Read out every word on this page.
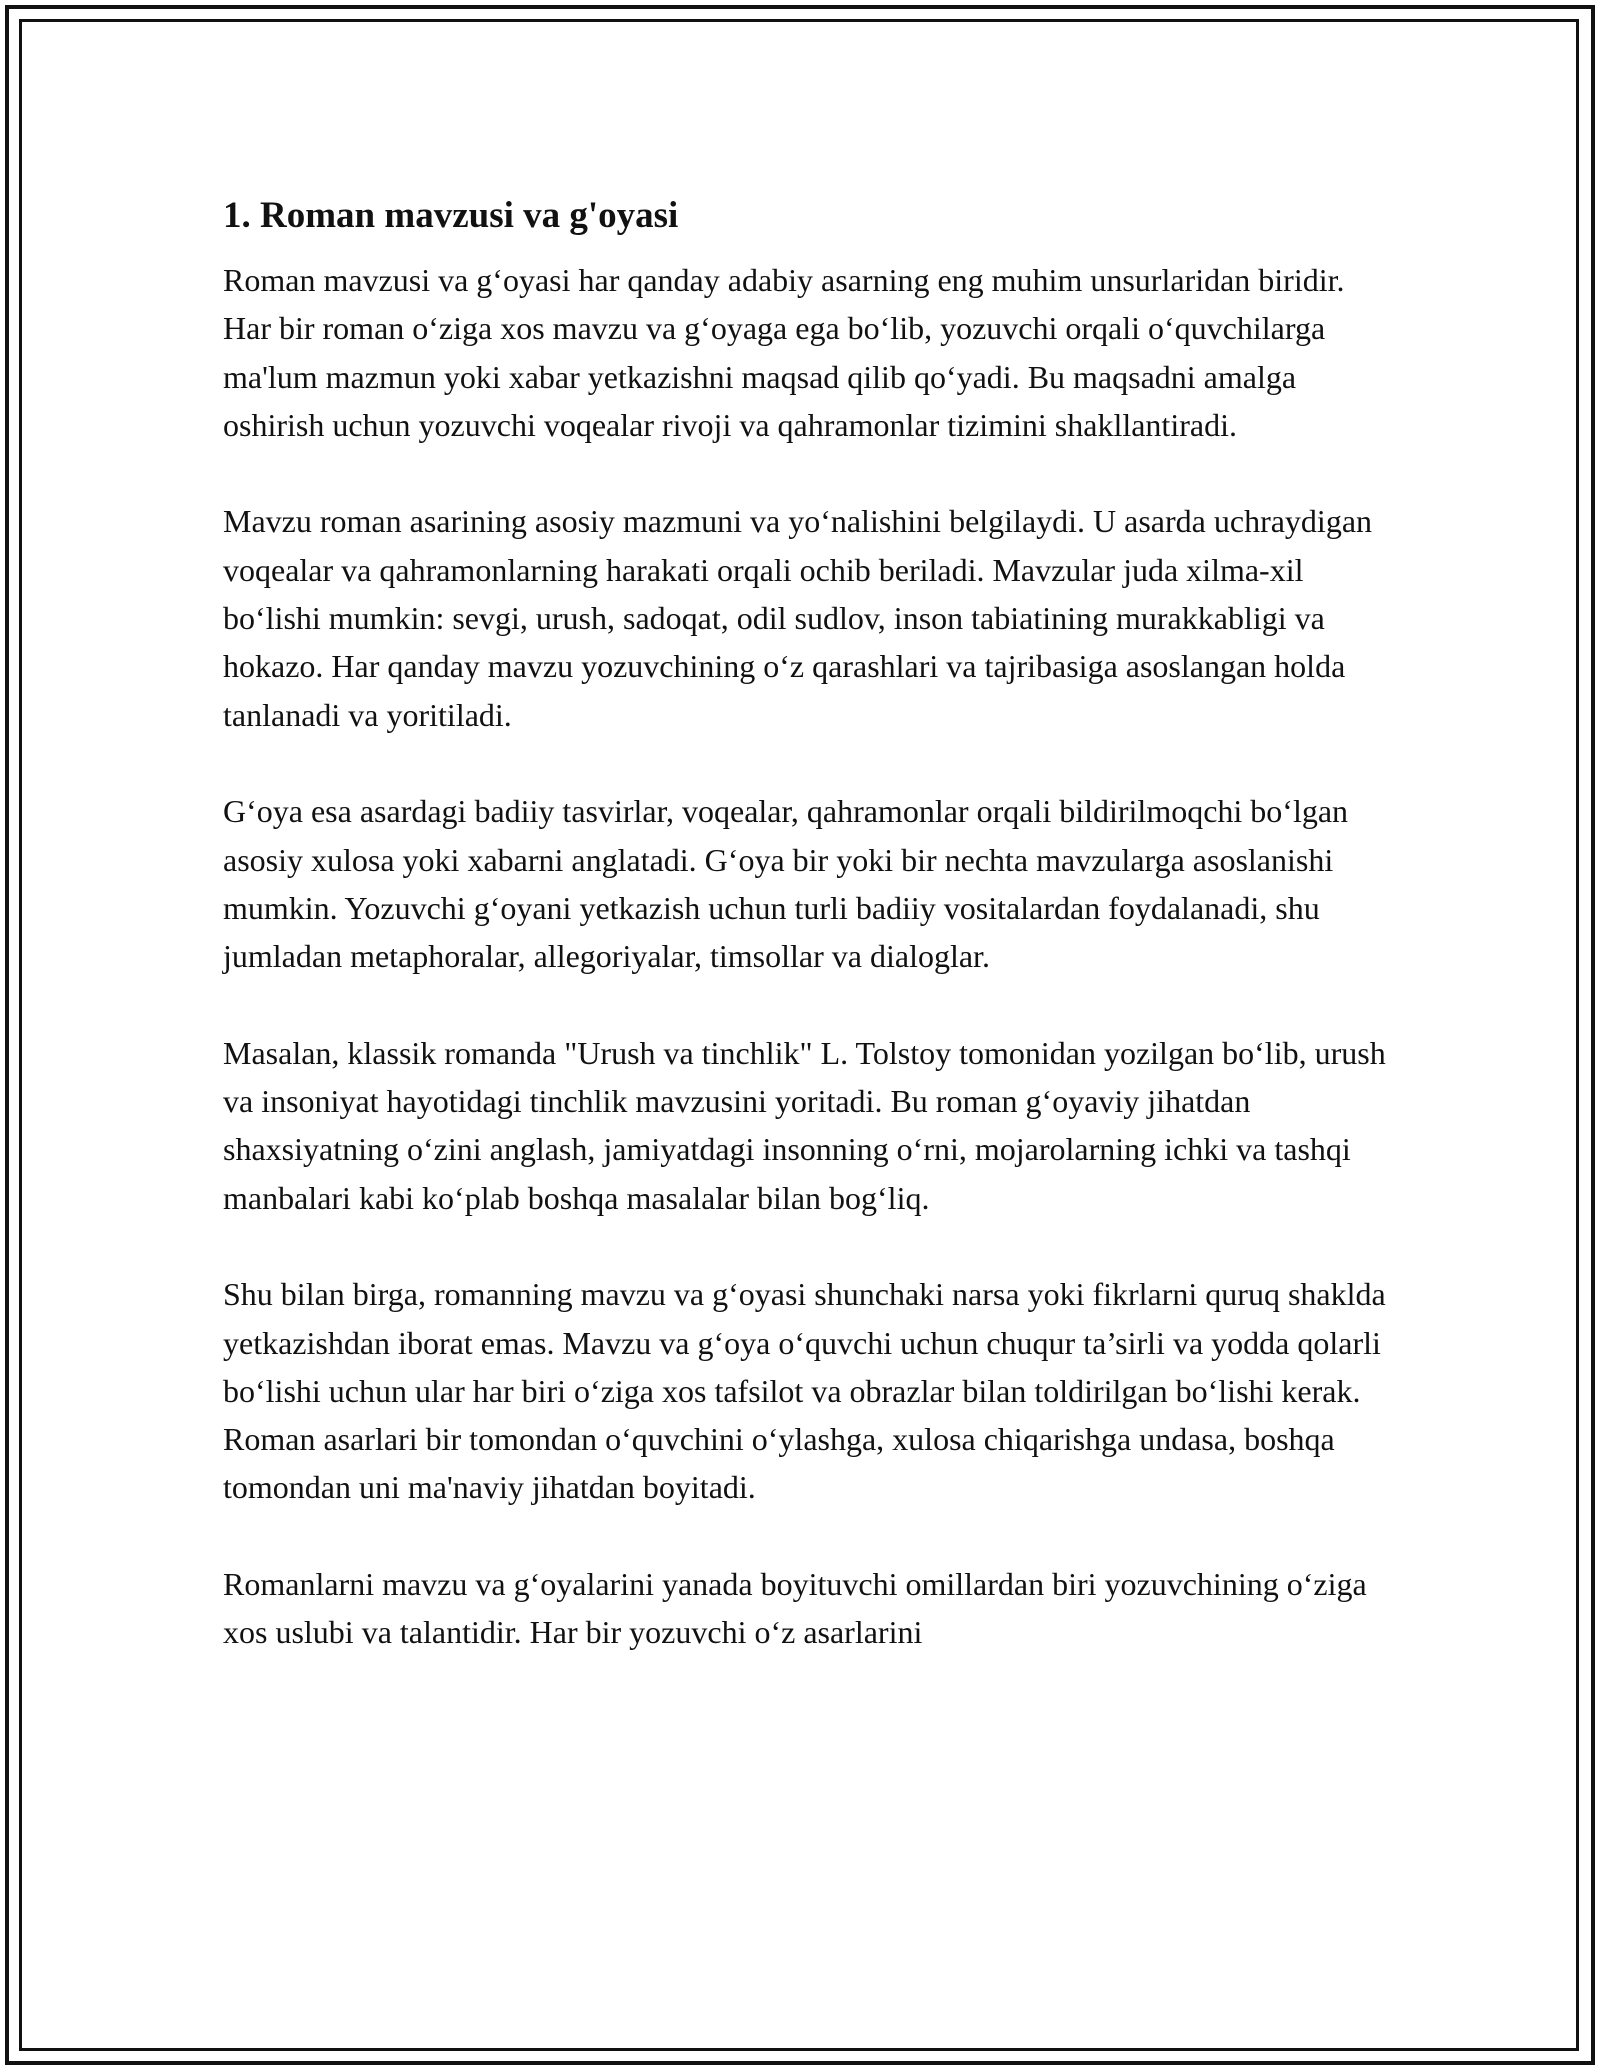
1. Roman mavzusi va g'oyasi

Roman mavzusi va g‘oyasi har qanday adabiy asarning eng muhim unsurlaridan biridir. Har bir roman o‘ziga xos mavzu va g‘oyaga ega bo‘lib, yozuvchi orqali o‘quvchilarga ma'lum mazmun yoki xabar yetkazishni maqsad qilib qo‘yadi. Bu maqsadni amalga oshirish uchun yozuvchi voqealar rivoji va qahramonlar tizimini shakllantiradi.

Mavzu roman asarining asosiy mazmuni va yo‘nalishini belgilaydi. U asarda uchraydigan voqealar va qahramonlarning harakati orqali ochib beriladi. Mavzular juda xilma-xil bo‘lishi mumkin: sevgi, urush, sadoqat, odil sudlov, inson tabiatining murakkabligi va hokazo. Har qanday mavzu yozuvchining o‘z qarashlari va tajribasiga asoslangan holda tanlanadi va yoritiladi.

G‘oya esa asardagi badiiy tasvirlar, voqealar, qahramonlar orqali bildirilmoqchi bo‘lgan asosiy xulosa yoki xabarni anglatadi. G‘oya bir yoki bir nechta mavzularga asoslanishi mumkin. Yozuvchi g‘oyani yetkazish uchun turli badiiy vositalardan foydalanadi, shu jumladan metaphoralar, allegoriyalar, timsollar va dialoglar.

Masalan, klassik romanda "Urush va tinchlik" L. Tolstoy tomonidan yozilgan bo‘lib, urush va insoniyat hayotidagi tinchlik mavzusini yoritadi. Bu roman g‘oyaviy jihatdan shaxsiyatning o‘zini anglash, jamiyatdagi insonning o‘rni, mojarolarning ichki va tashqi manbalari kabi ko‘plab boshqa masalalar bilan bog‘liq.

Shu bilan birga, romanning mavzu va g‘oyasi shunchaki narsa yoki fikrlarni quruq shaklda yetkazishdan iborat emas. Mavzu va g‘oya o‘quvchi uchun chuqur ta’sirli va yodda qolarli bo‘lishi uchun ular har biri o‘ziga xos tafsilot va obrazlar bilan toldirilgan bo‘lishi kerak. Roman asarlari bir tomondan o‘quvchini o‘ylashga, xulosa chiqarishga undasa, boshqa tomondan uni ma'naviy jihatdan boyitadi.

Romanlarni mavzu va g‘oyalarini yanada boyituvchi omillardan biri yozuvchining o‘ziga xos uslubi va talantidir. Har bir yozuvchi o‘z asarlarini
